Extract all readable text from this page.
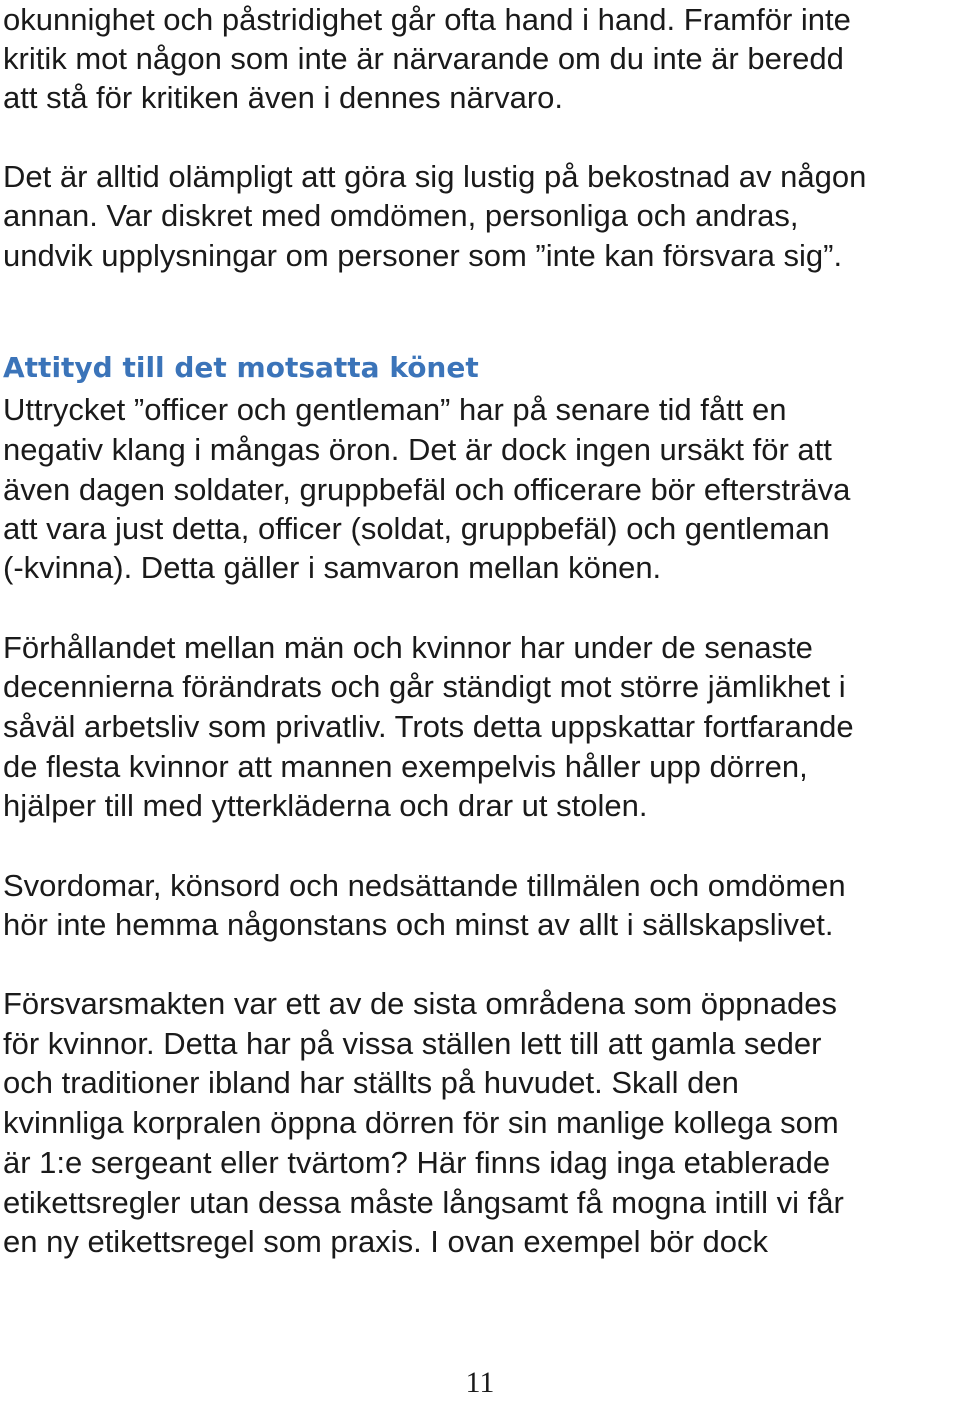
okunnighet och påstridighet går ofta hand i hand. Framför inte
kritik mot någon som inte är närvarande om du inte är beredd
att stå för kritiken även i dennes närvaro.
Det är alltid olämpligt att göra sig lustig på bekostnad av någon
annan. Var diskret med omdömen, personliga och andras,
undvik upplysningar om personer som ”inte kan försvara sig”.
Attityd till det motsatta könet
Uttrycket ”officer och gentleman” har på senare tid fått en
negativ klang i mångas öron. Det är dock ingen ursäkt för att
även dagen soldater, gruppbefäl och officerare bör eftersträva
att vara just detta, officer (soldat, gruppbefäl) och gentleman
(-kvinna). Detta gäller i samvaron mellan könen.
Förhållandet mellan män och kvinnor har under de senaste
decennierna förändrats och går ständigt mot större jämlikhet i
såväl arbetsliv som privatliv. Trots detta uppskattar fortfarande
de flesta kvinnor att mannen exempelvis håller upp dörren,
hjälper till med ytterkläderna och drar ut stolen.
Svordomar, könsord och nedsättande tillmälen och omdömen
hör inte hemma någonstans och minst av allt i sällskapslivet.
Försvarsmakten var ett av de sista områdena som öppnades
för kvinnor. Detta har på vissa ställen lett till att gamla seder
och traditioner ibland har ställts på huvudet. Skall den
kvinnliga korpralen öppna dörren för sin manlige kollega som
är 1:e sergeant eller tvärtom? Här finns idag inga etablerade
etikettsregler utan dessa måste långsamt få mogna intill vi får
en ny etikettsregel som praxis. I ovan exempel bör dock
11
